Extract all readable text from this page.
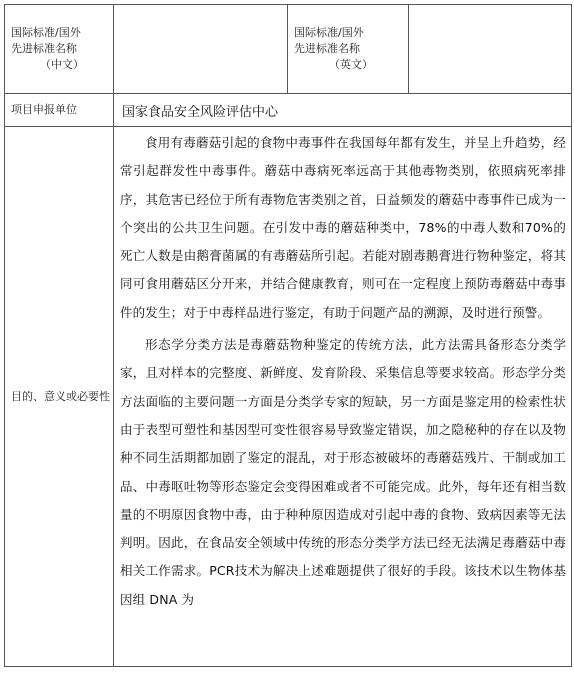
国际标准/国外
先进标准名称
（中文）		国际标准/国外
先进标准名称
（英文）	

项目申报单位	国家食品安全风险评估中心		
目的、意义或必要性	食用有毒蘑菇引起的食物中毒事件在我国每年都有发生，并呈上升趋势，经常引起群发性中毒事件。蘑菇中毒病死率远高于其他毒物类别，依照病死率排序，其危害已经位于所有毒物危害类别之首，日益频发的蘑菇中毒事件已成为一个突出的公共卫生问题。在引发中毒的蘑菇种类中，78%的中毒人数和70%的死亡人数是由鹅膏菌属的有毒蘑菇所引起。若能对剧毒鹅膏进行物种鉴定，将其同可食用蘑菇区分开来，并结合健康教育，则可在一定程度上预防毒蘑菇中毒事件的发生；对于中毒样品进行鉴定，有助于问题产品的溯源，及时进行预警。

形态学分类方法是毒蘑菇物种鉴定的传统方法，此方法需具备形态分类学家，且对样本的完整度、新鲜度、发育阶段、采集信息等要求较高。形态学分类方法面临的主要问题一方面是分类学专家的短缺，另一方面是鉴定用的检索性状由于表型可塑性和基因型可变性很容易导致鉴定错误，加之隐秘种的存在以及物种不同生活期都加剧了鉴定的混乱，对于形态被破坏的毒蘑菇残片、干制或加工品、中毒呕吐物等形态鉴定会变得困难或者不可能完成。此外，每年还有相当数量的不明原因食物中毒，由于种种原因造成对引起中毒的食物、致病因素等无法判明。因此，在食品安全领域中传统的形态分类学方法已经无法满足毒蘑菇中毒相关工作需求。PCR技术为解决上述难题提供了很好的手段。该技术以生物体基因组 DNA 为		
